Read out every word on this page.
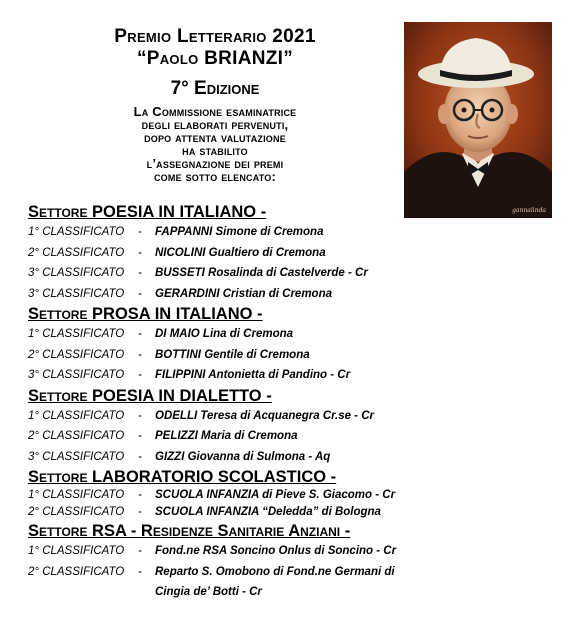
Premio Letterario 2021
“Paolo BRIANZI”
7° Edizione
La Commissione esaminatrice
degli elaborati pervenuti,
dopo attenta valutazione
ha stabilito
l’assegnazione dei premi
come sotto elencato:
gannalinda
Settore POESIA IN ITALIANO -
1° CLASSIFICATO	-	FAPPANNI Simone di Cremona
2° CLASSIFICATO	-	NICOLINI Gualtiero di Cremona
3° CLASSIFICATO	-	BUSSETI Rosalinda di Castelverde - Cr
3° CLASSIFICATO	-	GERARDINI Cristian di Cremona
Settore PROSA IN ITALIANO -
1° CLASSIFICATO	-	DI MAIO Lina di Cremona
2° CLASSIFICATO	-	BOTTINI Gentile di Cremona
3° CLASSIFICATO	-	FILIPPINI Antonietta di Pandino - Cr
Settore POESIA IN DIALETTO -
1° CLASSIFICATO	-	ODELLI Teresa di Acquanegra Cr.se - Cr
2° CLASSIFICATO	-	PELIZZI Maria di Cremona
3° CLASSIFICATO	-	GIZZI Giovanna di Sulmona - Aq
Settore LABORATORIO SCOLASTICO -
1° CLASSIFICATO	-	SCUOLA INFANZIA di Pieve S. Giacomo - Cr
2° CLASSIFICATO	-	SCUOLA INFANZIA “Deledda” di Bologna
Settore RSA - Residenze Sanitarie Anziani -
1° CLASSIFICATO	-	Fond.ne RSA Soncino Onlus di Soncino - Cr
2° CLASSIFICATO	-	Reparto S. Omobono di Fond.ne Germani di
Cingia de’ Botti - Cr
